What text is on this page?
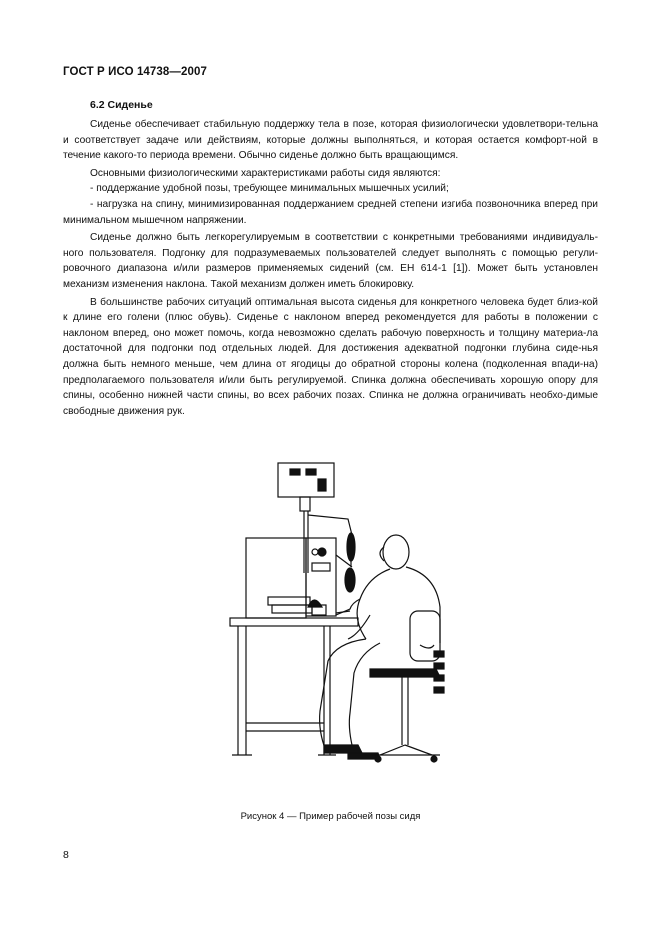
ГОСТ Р ИСО 14738—2007
6.2 Сиденье

Сиденье обеспечивает стабильную поддержку тела в позе, которая физиологически удовлетвори-тельна и соответствует задаче или действиям, которые должны выполняться, и которая остается комфорт-ной в течение какого-то периода времени. Обычно сиденье должно быть вращающимся.

Основными физиологическими характеристиками работы сидя являются:

- поддержание удобной позы, требующее минимальных мышечных усилий;

- нагрузка на спину, минимизированная поддержанием средней степени изгиба позвоночника вперед при минимальном мышечном напряжении.

Сиденье должно быть легкорегулируемым в соответствии с конкретными требованиями индивидуаль-ного пользователя. Подгонку для подразумеваемых пользователей следует выполнять с помощью регули-ровочного диапазона и/или размеров применяемых сидений (см. ЕН 614-1 [1]). Может быть установлен механизм изменения наклона. Такой механизм должен иметь блокировку.

В большинстве рабочих ситуаций оптимальная высота сиденья для конкретного человека будет близ-кой к длине его голени (плюс обувь). Сиденье с наклоном вперед рекомендуется для работы в положении с наклоном вперед, оно может помочь, когда невозможно сделать рабочую поверхность и толщину материа-ла достаточной для подгонки под отдельных людей. Для достижения адекватной подгонки глубина сиде-нья должна быть немного меньше, чем длина от ягодицы до обратной стороны колена (подколенная впади-на) предполагаемого пользователя и/или быть регулируемой. Спинка должна обеспечивать хорошую опору для спины, особенно нижней части спины, во всех рабочих позах. Спинка не должна ограничивать необхо-димые свободные движения рук.

Рисунок 4 — Пример рабочей позы сидя
8
